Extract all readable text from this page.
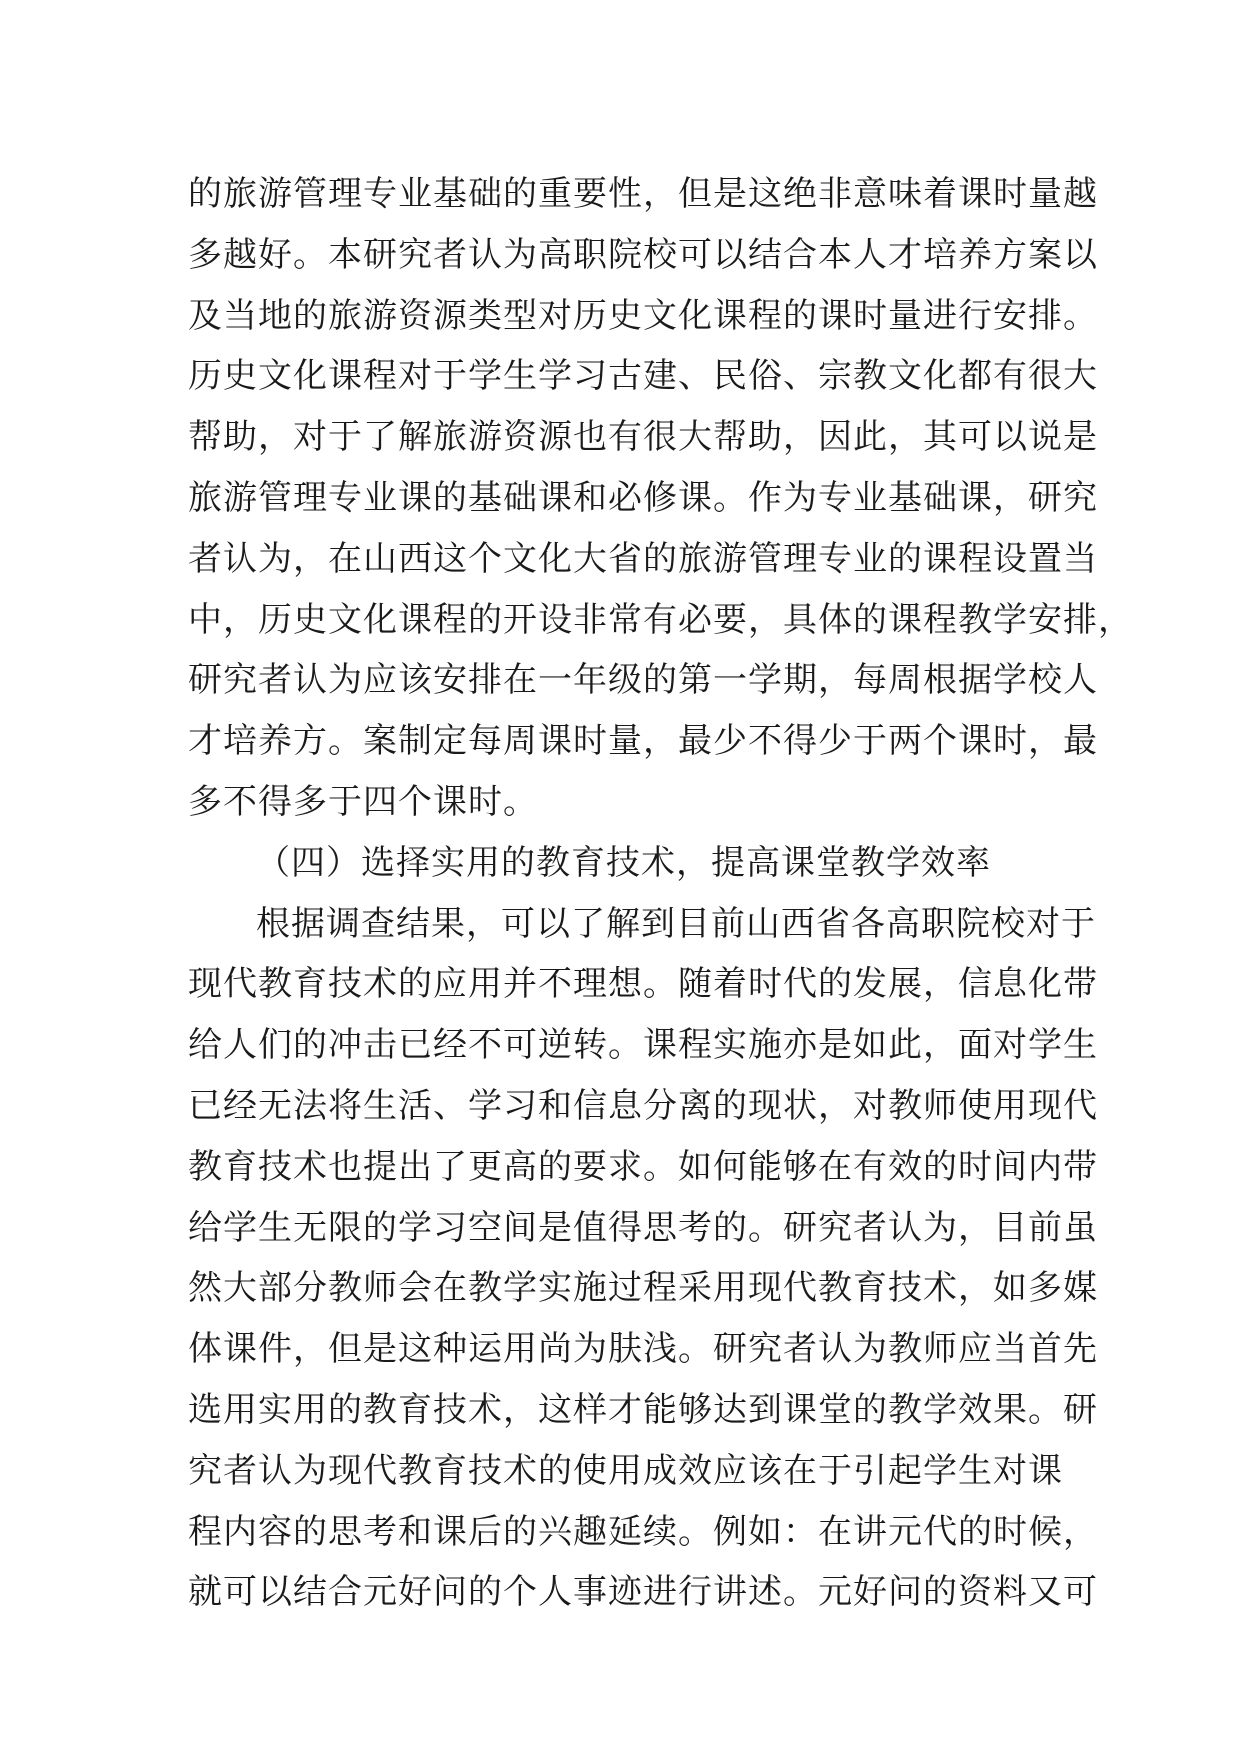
的旅游管理专业基础的重要性，但是这绝非意味着课时量越
多越好。本研究者认为高职院校可以结合本人才培养方案以
及当地的旅游资源类型对历史文化课程的课时量进行安排。
历史文化课程对于学生学习古建、民俗、宗教文化都有很大
帮助，对于了解旅游资源也有很大帮助，因此，其可以说是
旅游管理专业课的基础课和必修课。作为专业基础课，研究
者认为，在山西这个文化大省的旅游管理专业的课程设置当
中，历史文化课程的开设非常有必要，具体的课程教学安排，
研究者认为应该安排在一年级的第一学期，每周根据学校人
才培养方。案制定每周课时量，最少不得少于两个课时，最
多不得多于四个课时。
（四）选择实用的教育技术，提高课堂教学效率
根据调查结果，可以了解到目前山西省各高职院校对于
现代教育技术的应用并不理想。随着时代的发展，信息化带
给人们的冲击已经不可逆转。课程实施亦是如此，面对学生
已经无法将生活、学习和信息分离的现状，对教师使用现代
教育技术也提出了更高的要求。如何能够在有效的时间内带
给学生无限的学习空间是值得思考的。研究者认为，目前虽
然大部分教师会在教学实施过程采用现代教育技术，如多媒
体课件，但是这种运用尚为肤浅。研究者认为教师应当首先
选用实用的教育技术，这样才能够达到课堂的教学效果。研
究者认为现代教育技术的使用成效应该在于引起学生对课
程内容的思考和课后的兴趣延续。例如：在讲元代的时候，
就可以结合元好问的个人事迹进行讲述。元好问的资料又可
